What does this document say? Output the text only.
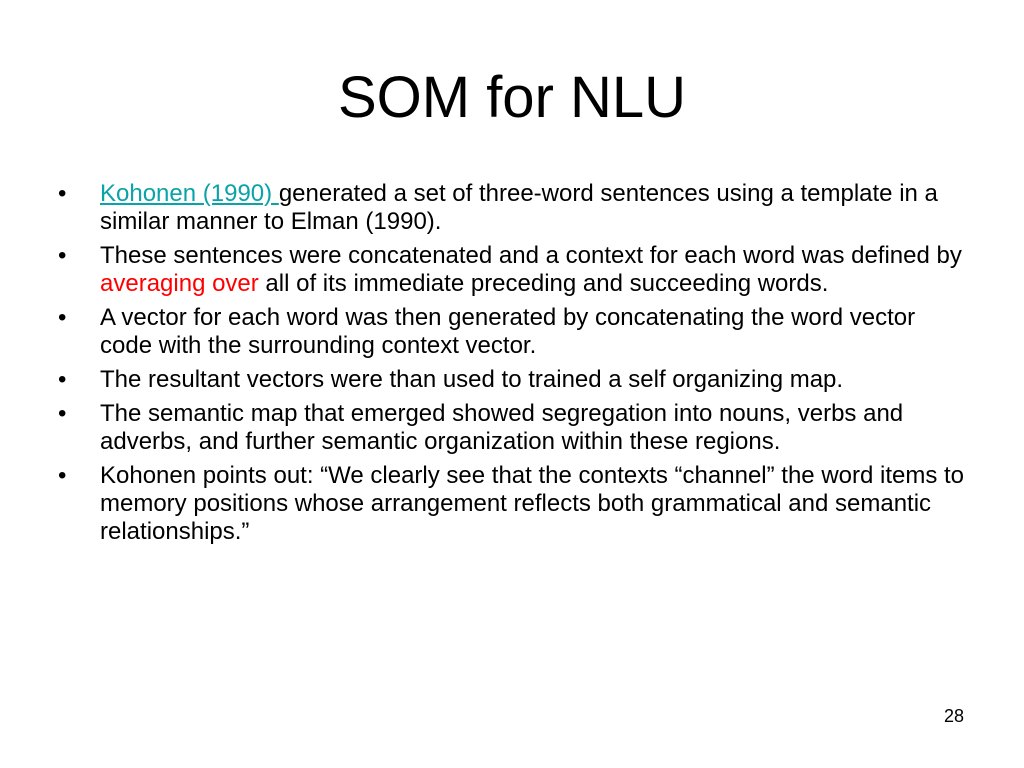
SOM for NLU
•	Kohonen (1990) generated a set of three-word sentences using a template in a similar manner to Elman (1990).
•	These sentences were concatenated and a context for each word was defined by averaging over all of its immediate preceding and succeeding words.
•	A vector for each word was then generated by concatenating the word vector code with the surrounding context vector.
•	The resultant vectors were than used to trained a self organizing map.
•	The semantic map that emerged showed segregation into nouns, verbs and adverbs, and further semantic organization within these regions.
•	Kohonen points out: “We clearly see that the contexts “channel” the word items to memory positions whose arrangement reflects both grammatical and semantic relationships.”
28
